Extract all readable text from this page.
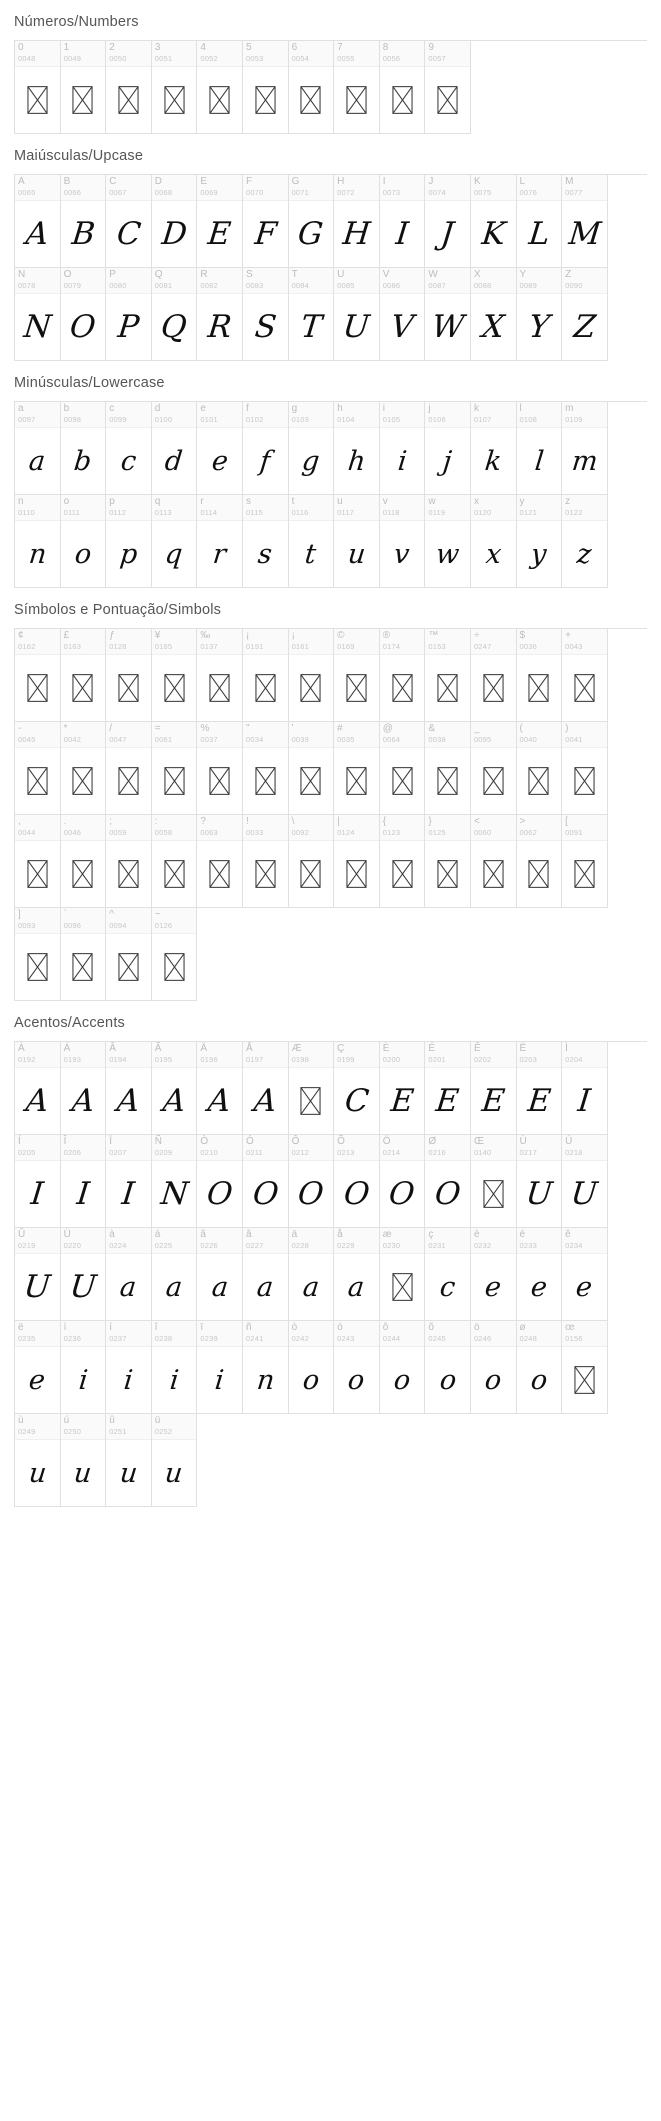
Números/Numbers
0
0048
1
0049
2
0050
3
0051
4
0052
5
0053
6
0054
7
0055
8
0056
9
0057
Maiúsculas/Upcase
A
0065
A
B
0066
B
C
0067
C
D
0068
D
E
0069
E
F
0070
F
G
0071
G
H
0072
H
I
0073
I
J
0074
J
K
0075
K
L
0076
L
M
0077
M
N
0078
N
O
0079
O
P
0080
P
Q
0081
Q
R
0082
R
S
0083
S
T
0084
T
U
0085
U
V
0086
V
W
0087
W
X
0088
X
Y
0089
Y
Z
0090
Z
Minúsculas/Lowercase
a
0097
a
b
0098
b
c
0099
c
d
0100
d
e
0101
e
f
0102
f
g
0103
g
h
0104
h
i
0105
i
j
0106
j
k
0107
k
l
0108
l
m
0109
m
n
0110
n
o
0111
o
p
0112
p
q
0113
q
r
0114
r
s
0115
s
t
0116
t
u
0117
u
v
0118
v
w
0119
w
x
0120
x
y
0121
y
z
0122
z
Símbolos e Pontuação/Simbols
¢
0162
£
0163
ƒ
0128
¥
0165
‰
0137
¡
0191
¡
0161
©
0169
®
0174
™
0153
÷
0247
$
0036
+
0043
-
0045
*
0042
/
0047
=
0061
%
0037
"
0034
'
0039
#
0035
@
0064
&
0038
_
0095
(
0040
)
0041
,
0044
.
0046
;
0059
:
0058
?
0063
!
0033
\
0092
|
0124
{
0123
}
0125
<
0060
>
0062
[
0091
]
0093
`
0096
^
0094
~
0126
Acentos/Accents
À
0192
A
Á
0193
A
Â
0194
A
Ã
0195
A
Ä
0196
A
Å
0197
A
Æ
0198
Ç
0199
C
È
0200
E
É
0201
E
Ê
0202
E
Ë
0203
E
Ì
0204
I
Í
0205
I
Î
0206
I
Ï
0207
I
Ñ
0209
N
Ò
0210
O
Ó
0211
O
Ô
0212
O
Õ
0213
O
Ö
0214
O
Ø
0216
O
Œ
0140
Ù
0217
U
Ú
0218
U
Û
0219
U
Ü
0220
U
à
0224
a
á
0225
a
â
0226
a
ã
0227
a
ä
0228
a
å
0229
a
æ
0230
ç
0231
c
è
0232
e
é
0233
e
ê
0234
e
ë
0235
e
ì
0236
i
í
0237
i
î
0238
i
ï
0239
i
ñ
0241
n
ò
0242
o
ó
0243
o
ô
0244
o
õ
0245
o
ö
0246
o
ø
0248
o
œ
0156
ù
0249
u
ú
0250
u
û
0251
u
ü
0252
u
